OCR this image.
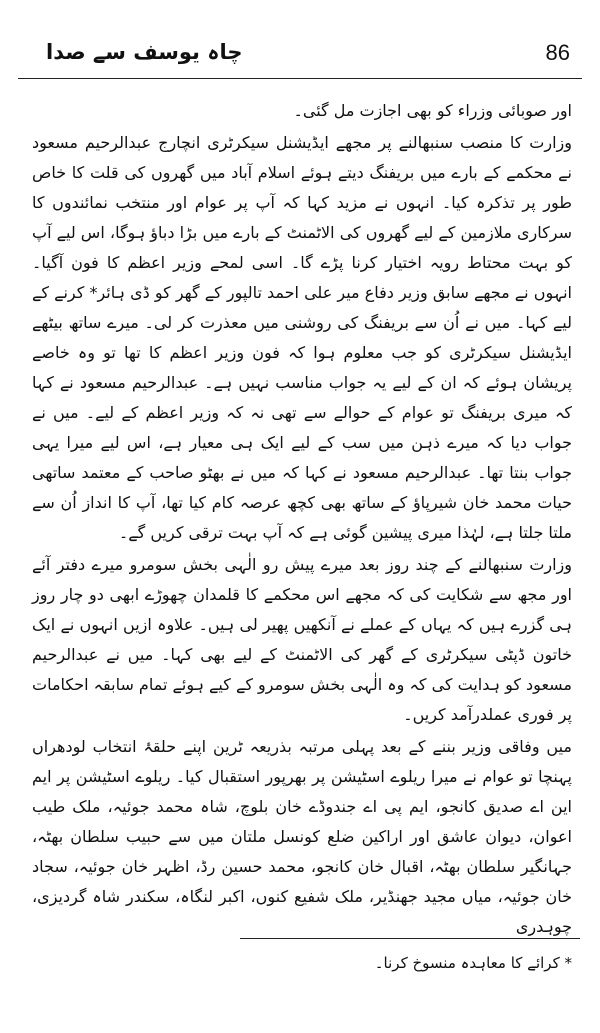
چاہ یوسف سے صدا	86

اور صوبائی وزراء کو بھی اجازت مل گئی۔

وزارت کا منصب سنبھالنے پر مجھے ایڈیشنل سیکرٹری انچارج عبدالرحیم مسعود نے محکمے کے بارے میں بریفنگ دیتے ہوئے اسلام آباد میں گھروں کی قلت کا خاص طور پر تذکرہ کیا۔ انہوں نے مزید کہا کہ آپ پر عوام اور منتخب نمائندوں کا سرکاری ملازمین کے لیے گھروں کی الاٹمنٹ کے بارے میں بڑا دباؤ ہوگا، اس لیے آپ کو بہت محتاط رویہ اختیار کرنا پڑے گا۔ اسی لمحے وزیر اعظم کا فون آگیا۔ انہوں نے مجھے سابق وزیر دفاع میر علی احمد تالپور کے گھر کو ڈی ہائر* کرنے کے لیے کہا۔ میں نے اُن سے بریفنگ کی روشنی میں معذرت کر لی۔ میرے ساتھ بیٹھے ایڈیشنل سیکرٹری کو جب معلوم ہوا کہ فون وزیر اعظم کا تھا تو وہ خاصے پریشان ہوئے کہ ان کے لیے یہ جواب مناسب نہیں ہے۔ عبدالرحیم مسعود نے کہا کہ میری بریفنگ تو عوام کے حوالے سے تھی نہ کہ وزیر اعظم کے لیے۔ میں نے جواب دیا کہ میرے ذہن میں سب کے لیے ایک ہی معیار ہے، اس لیے میرا یہی جواب بنتا تھا۔ عبدالرحیم مسعود نے کہا کہ میں نے بھٹو صاحب کے معتمد ساتھی حیات محمد خان شیرپاؤ کے ساتھ بھی کچھ عرصہ کام کیا تھا، آپ کا انداز اُن سے ملتا جلتا ہے، لہٰذا میری پیشین گوئی ہے کہ آپ بہت ترقی کریں گے۔

وزارت سنبھالنے کے چند روز بعد میرے پیش رو الٰہی بخش سومرو میرے دفتر آئے اور مجھ سے شکایت کی کہ مجھے اس محکمے کا قلمدان چھوڑے ابھی دو چار روز ہی گزرے ہیں کہ یہاں کے عملے نے آنکھیں پھیر لی ہیں۔ علاوہ ازیں انہوں نے ایک خاتون ڈپٹی سیکرٹری کے گھر کی الاٹمنٹ کے لیے بھی کہا۔ میں نے عبدالرحیم مسعود کو ہدایت کی کہ وہ الٰہی بخش سومرو کے کیے ہوئے تمام سابقہ احکامات پر فوری عملدرآمد کریں۔

میں وفاقی وزیر بننے کے بعد پہلی مرتبہ بذریعہ ٹرین اپنے حلقۂ انتخاب لودھراں پہنچا تو عوام نے میرا ریلوے اسٹیشن پر بھرپور استقبال کیا۔ ریلوے اسٹیشن پر ایم این اے صدیق کانجو، ایم پی اے جندوڈے خان بلوچ، شاہ محمد جوئیہ، ملک طیب اعوان، دیوان عاشق اور اراکین ضلع کونسل ملتان میں سے حبیب سلطان بھٹہ، جہانگیر سلطان بھٹہ، اقبال خان کانجو، محمد حسین رڈ، اظہر خان جوئیہ، سجاد خان جوئیہ، میاں مجید جھنڈیر، ملک شفیع کنوں، اکبر لنگاہ، سکندر شاہ گردیزی، چوہدری

* کرائے کا معاہدہ منسوخ کرنا۔
